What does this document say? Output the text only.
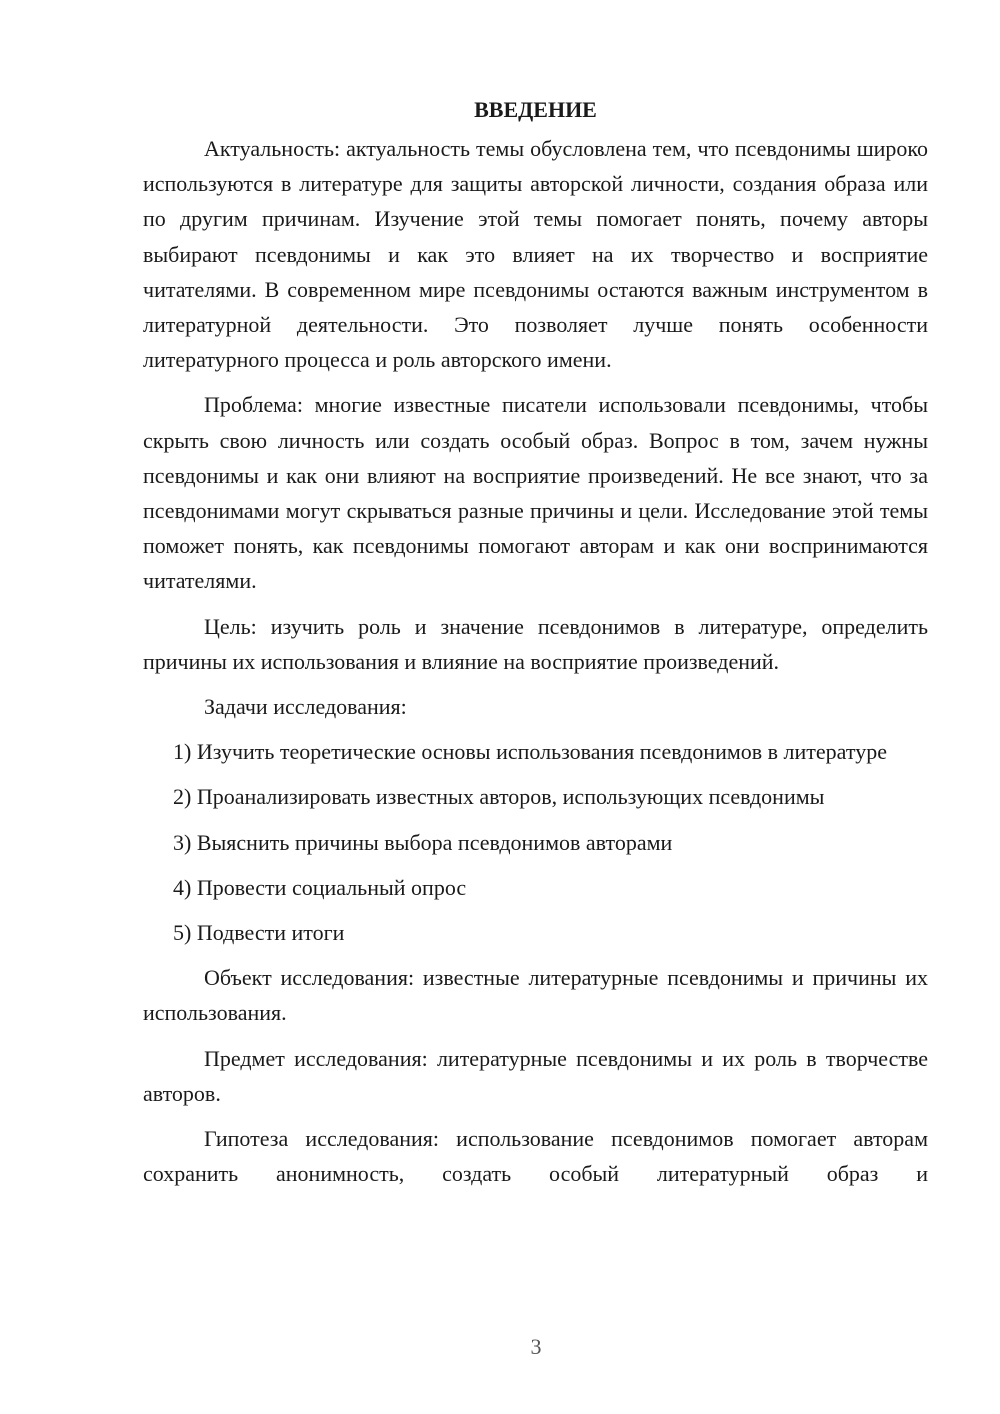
ВВЕДЕНИЕ

Актуальность: актуальность темы обусловлена тем, что псевдонимы широко используются в литературе для защиты авторской личности, создания образа или по другим причинам. Изучение этой темы помогает понять, почему авторы выбирают псевдонимы и как это влияет на их творчество и восприятие читателями. В современном мире псевдонимы остаются важным инструментом в литературной деятельности. Это позволяет лучше понять особенности литературного процесса и роль авторского имени.

Проблема: многие известные писатели использовали псевдонимы, чтобы скрыть свою личность или создать особый образ. Вопрос в том, зачем нужны псевдонимы и как они влияют на восприятие произведений. Не все знают, что за псевдонимами могут скрываться разные причины и цели. Исследование этой темы поможет понять, как псевдонимы помогают авторам и как они воспринимаются читателями.

Цель: изучить роль и значение псевдонимов в литературе, определить причины их использования и влияние на восприятие произведений.

Задачи исследования:

1) Изучить теоретические основы использования псевдонимов в литературе

2) Проанализировать известных авторов, использующих псевдонимы

3) Выяснить причины выбора псевдонимов авторами

4) Провести социальный опрос

5) Подвести итоги

Объект исследования: известные литературные псевдонимы и причины их использования.

Предмет исследования: литературные псевдонимы и их роль в творчестве авторов.

Гипотеза исследования: использование псевдонимов помогает авторам сохранить анонимность, создать особый литературный образ и

3
